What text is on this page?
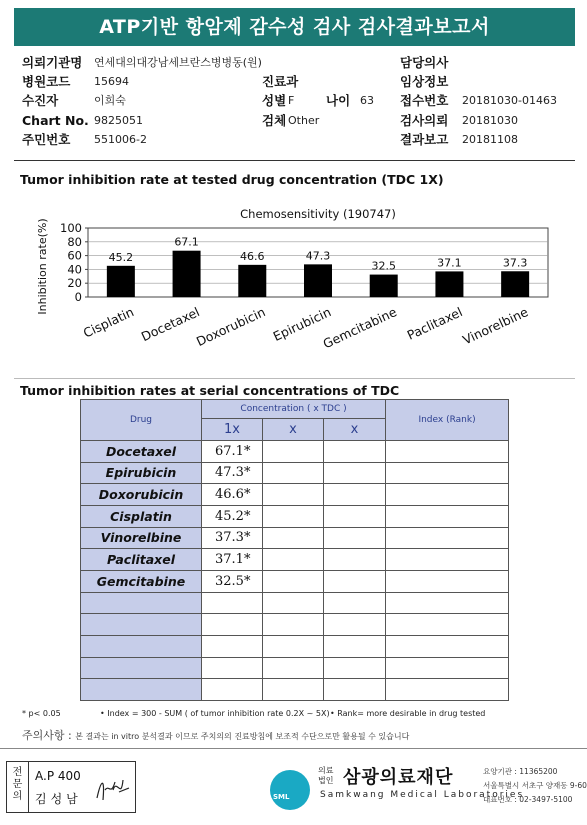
ATP기반 항암제 감수성 검사 검사결과보고서
의뢰기관명 연세대의대강남세브란스병병동(원)	담당의사
병원코드 15694	진료과	임상정보
수진자	이희숙	성별 F	나이 63 접수번호 20181030-01463
Chart No. 9825051	검체 Other	검사의뢰 20181030
주민번호 551006-2	결과보고 20181108
Tumor inhibition rate at tested drug concentration (TDC 1X)
Chemosensitivity (190747)
0
20
40
60
80
100
Inhibition rate(%)	45.2
Cisplatin
67.1
Docetaxel
46.6
Doxorubicin
47.3
Epirubicin
32.5
Gemcitabine
37.1
Paclitaxel
37.3
Vinorelbine
Tumor inhibition rates at serial concentrations of TDC
Drug	Concentration ( x TDC )			Index (Rank)
	1x	x	x	
Docetaxel	67.1*			
Epirubicin	47.3*			
Doxorubicin	46.6*			
Cisplatin	45.2*			
Vinorelbine	37.3*			
Paclitaxel	37.1*			
Gemcitabine	32.5*			

* p< 0.05	• Index = 300 - SUM ( of tumor inhibition rate 0.2X ~ 5X) • Rank= more desirable in drug tested
주의사항 : 본 결과는 in vitro 분석결과 이므로 주치의의 진료방침에 보조적 수단으로만 활용될 수 있습니다
전문의
A.P 400
김성남	SML
의료
법인 삼광의료재단
Samkwang Medical Laboratories
요양기관 : 11365200
서울특별시 서초구 양재동 9-60
대표번호 : 02-3497-5100
